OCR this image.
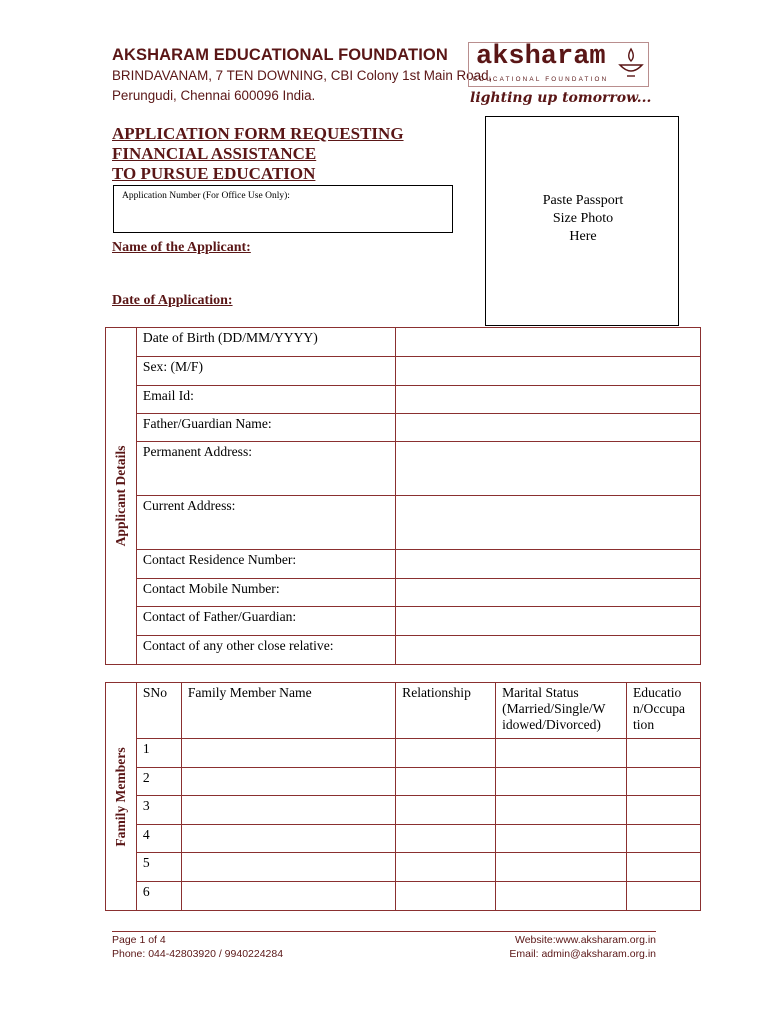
AKSHARAM EDUCATIONAL FOUNDATION
BRINDAVANAM, 7 TEN DOWNING, CBI Colony 1st Main Road,
Perungudi, Chennai 600096 India.
aksharam
EDUCATIONAL FOUNDATION
lighting up tomorrow...
APPLICATION FORM REQUESTING
FINANCIAL ASSISTANCE
TO PURSUE EDUCATION
Application Number (For Office Use Only):	Paste Passport
Size Photo
Here
Name of the Applicant:
Date of Application:
Applicant Details	Date of Birth (DD/MM/YYYY)	
	Sex: (M/F)	
	Email Id:	
	Father/Guardian Name:	
	Permanent Address:	
	Current Address:	
	Contact Residence Number:	
	Contact Mobile Number:	
	Contact of Father/Guardian:	
	Contact of any other close relative:	
Family Members	SNo	Family Member Name	Relationship	Marital Status (Married/Single/W idowed/Divorced)	Educatio n/Occupa tion
	1				
	2				
	3				
	4				
	5				
	6				
Page 1 of 4
Phone: 044-42803920 / 9940224284
Website:www.aksharam.org.in
Email: admin@aksharam.org.in
